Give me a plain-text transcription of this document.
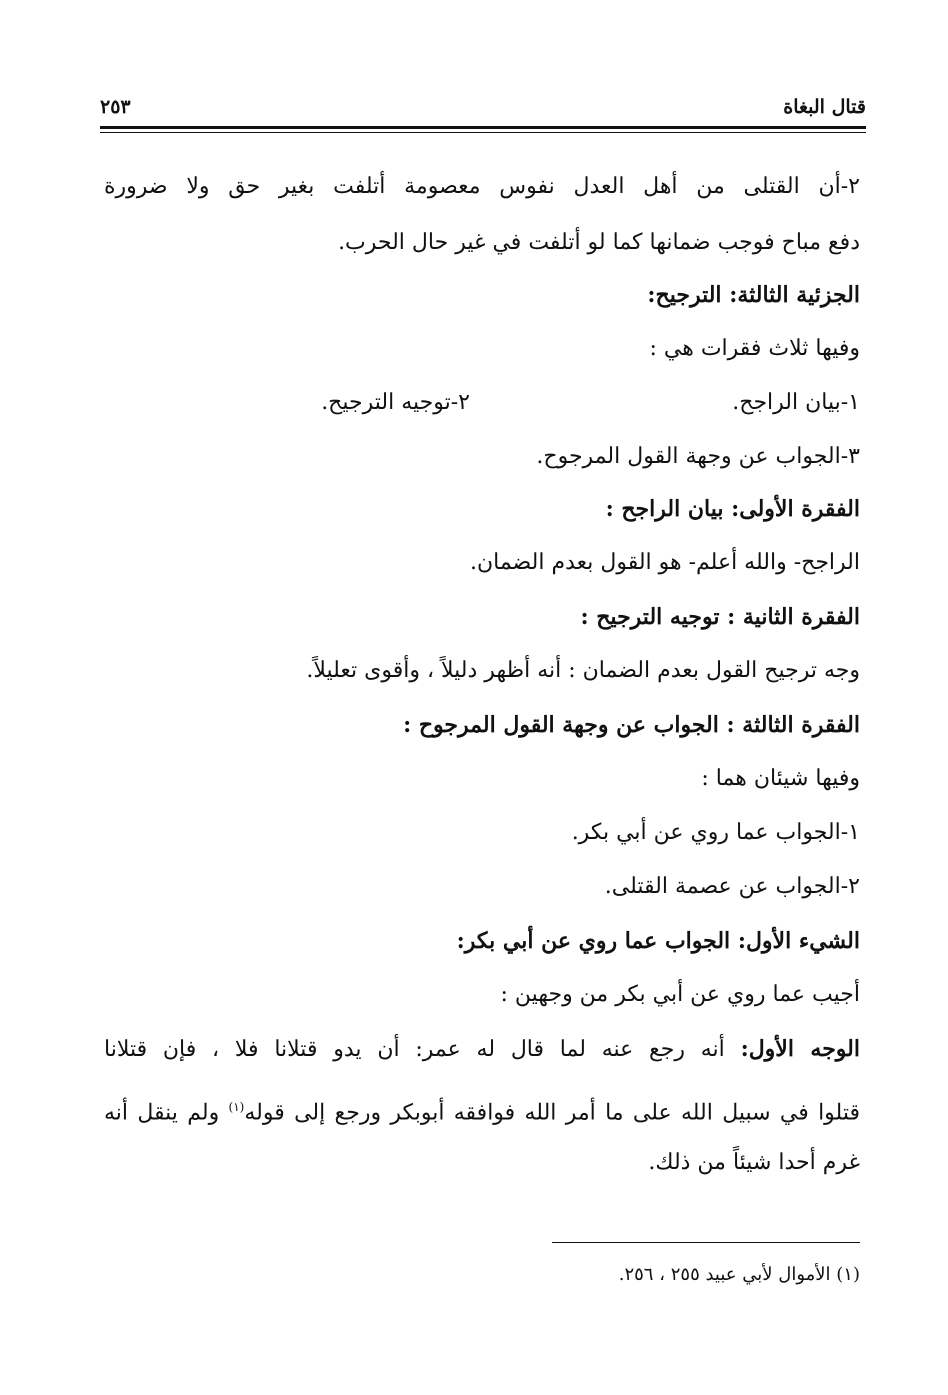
قتال البغاة
٢٥٣
٢-أن القتلى من أهل العدل نفوس معصومة أتلفت بغير حق ولا ضرورة
دفع مباح فوجب ضمانها كما لو أتلفت في غير حال الحرب.
الجزئية الثالثة: الترجيح:
وفيها ثلاث فقرات هي :
١-بيان الراجح.
٢-توجيه الترجيح.
٣-الجواب عن وجهة القول المرجوح.
الفقرة الأولى: بيان الراجح :
الراجح- والله أعلم- هو القول بعدم الضمان.
الفقرة الثانية : توجيه الترجيح :
وجه ترجيح القول بعدم الضمان : أنه أظهر دليلاً ، وأقوى تعليلاً.
الفقرة الثالثة : الجواب عن وجهة القول المرجوح :
وفيها شيئان هما :
١-الجواب عما روي عن أبي بكر.
٢-الجواب عن عصمة القتلى.
الشيء الأول: الجواب عما روي عن أبي بكر:
أجيب عما روي عن أبي بكر من وجهين :
الوجه الأول: أنه رجع عنه لما قال له عمر: أن يدو قتلانا فلا ، فإن قتلانا
قتلوا في سبيل الله على ما أمر الله فوافقه أبوبكر ورجع إلى قوله$^{(١)}$ ولم ينقل أنه
غرم أحدا شيئاً من ذلك.
(١) الأموال لأبي عبيد ٢٥٥ ، ٢٥٦.
